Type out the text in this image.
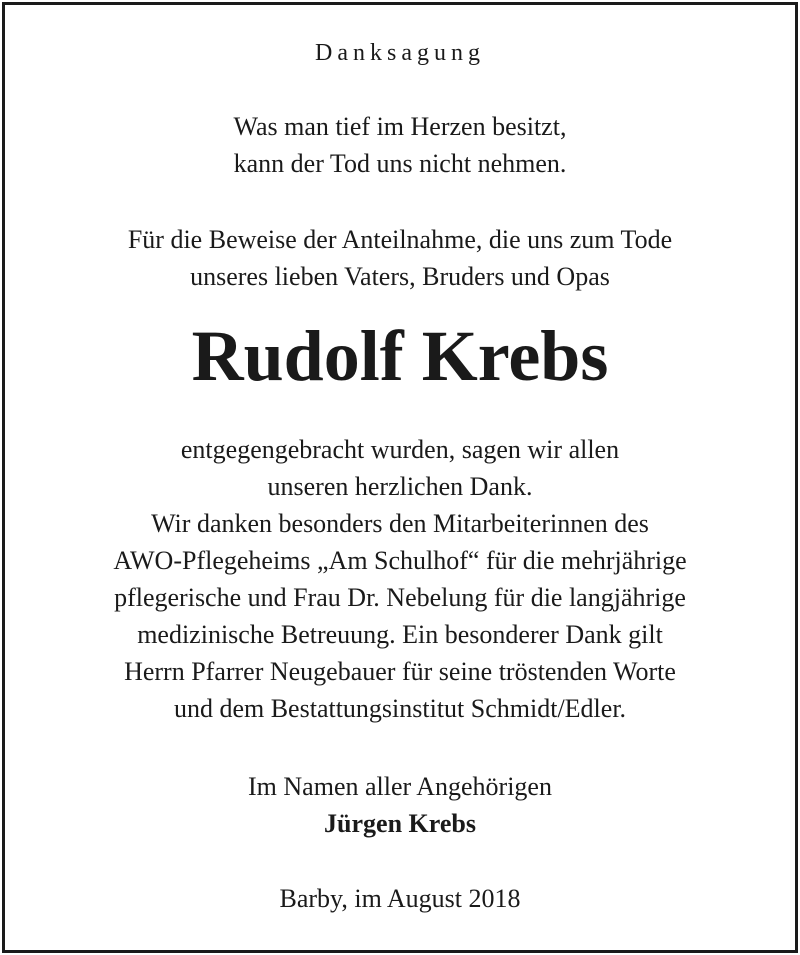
Danksagung
Was man tief im Herzen besitzt,
kann der Tod uns nicht nehmen.
Für die Beweise der Anteilnahme, die uns zum Tode
unseres lieben Vaters, Bruders und Opas
Rudolf Krebs
entgegengebracht wurden, sagen wir allen
unseren herzlichen Dank.
Wir danken besonders den Mitarbeiterinnen des
AWO-Pflegeheims „Am Schulhof“ für die mehrjährige
pflegerische und Frau Dr. Nebelung für die langjährige
medizinische Betreuung. Ein besonderer Dank gilt
Herrn Pfarrer Neugebauer für seine tröstenden Worte
und dem Bestattungsinstitut Schmidt/Edler.
Im Namen aller Angehörigen
Jürgen Krebs
Barby, im August 2018
